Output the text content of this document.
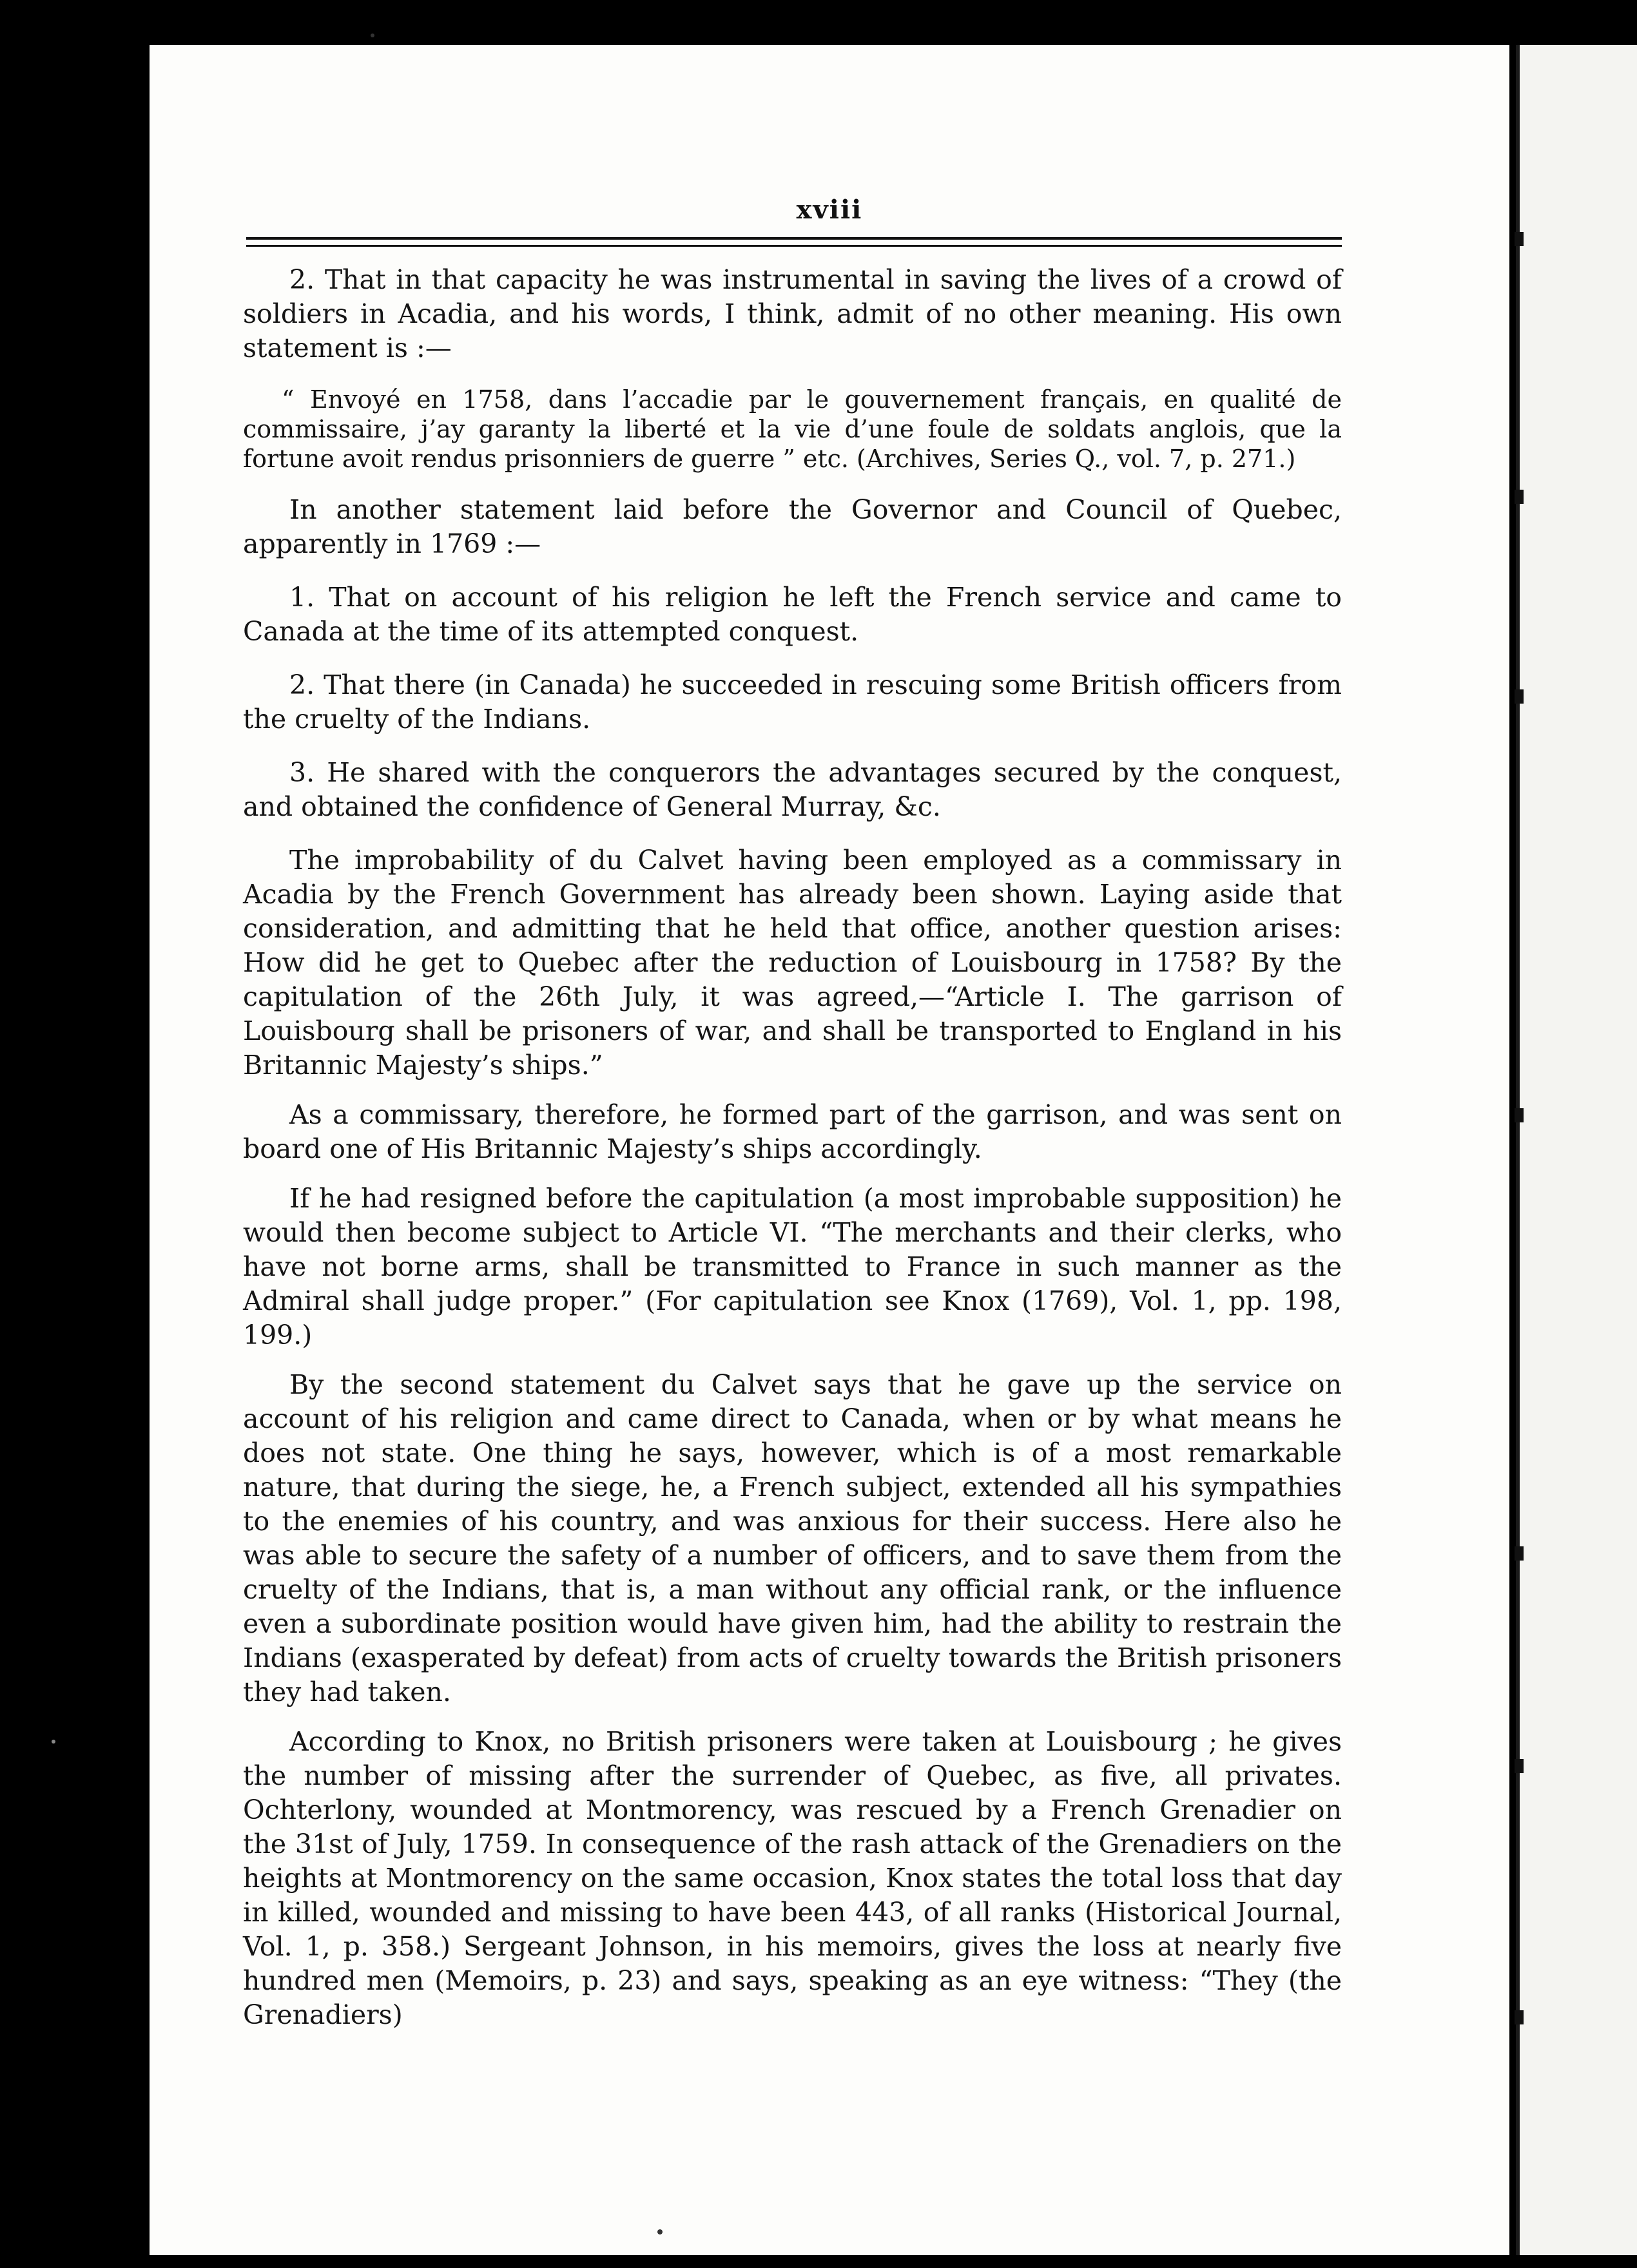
xviii

2. That in that capacity he was instrumental in saving the lives of a crowd of soldiers in Acadia, and his words, I think, admit of no other meaning. His own statement is :—

“ Envoyé en 1758, dans l’accadie par le gouvernement français, en qualité de commissaire, j’ay garanty la liberté et la vie d’une foule de soldats anglois, que la fortune avoit rendus prisonniers de guerre ” etc. (Archives, Series Q., vol. 7, p. 271.)

In another statement laid before the Governor and Council of Quebec, apparently in 1769 :—

1. That on account of his religion he left the French service and came to Canada at the time of its attempted conquest.

2. That there (in Canada) he succeeded in rescuing some British officers from the cruelty of the Indians.

3. He shared with the conquerors the advantages secured by the conquest, and obtained the confidence of General Murray, &c.

The improbability of du Calvet having been employed as a commissary in Acadia by the French Government has already been shown. Laying aside that consideration, and admitting that he held that office, another question arises: How did he get to Quebec after the reduction of Louisbourg in 1758? By the capitulation of the 26th July, it was agreed,—“Article I. The garrison of Louisbourg shall be prisoners of war, and shall be transported to England in his Britannic Majesty’s ships.”

As a commissary, therefore, he formed part of the garrison, and was sent on board one of His Britannic Majesty’s ships accordingly.

If he had resigned before the capitulation (a most improbable supposition) he would then become subject to Article VI. “The merchants and their clerks, who have not borne arms, shall be transmitted to France in such manner as the Admiral shall judge proper.” (For capitulation see Knox (1769), Vol. 1, pp. 198, 199.)

By the second statement du Calvet says that he gave up the service on account of his religion and came direct to Canada, when or by what means he does not state. One thing he says, however, which is of a most remarkable nature, that during the siege, he, a French subject, extended all his sympathies to the enemies of his country, and was anxious for their success. Here also he was able to secure the safety of a number of officers, and to save them from the cruelty of the Indians, that is, a man without any official rank, or the influence even a subordinate position would have given him, had the ability to restrain the Indians (exasperated by defeat) from acts of cruelty towards the British prisoners they had taken.

According to Knox, no British prisoners were taken at Louisbourg ; he gives the number of missing after the surrender of Quebec, as five, all privates. Ochterlony, wounded at Montmorency, was rescued by a French Grenadier on the 31st of July, 1759. In consequence of the rash attack of the Grenadiers on the heights at Montmorency on the same occasion, Knox states the total loss that day in killed, wounded and missing to have been 443, of all ranks (Historical Journal, Vol. 1, p. 358.) Sergeant Johnson, in his memoirs, gives the loss at nearly five hundred men (Memoirs, p. 23) and says, speaking as an eye witness: “They (the Grenadiers)
